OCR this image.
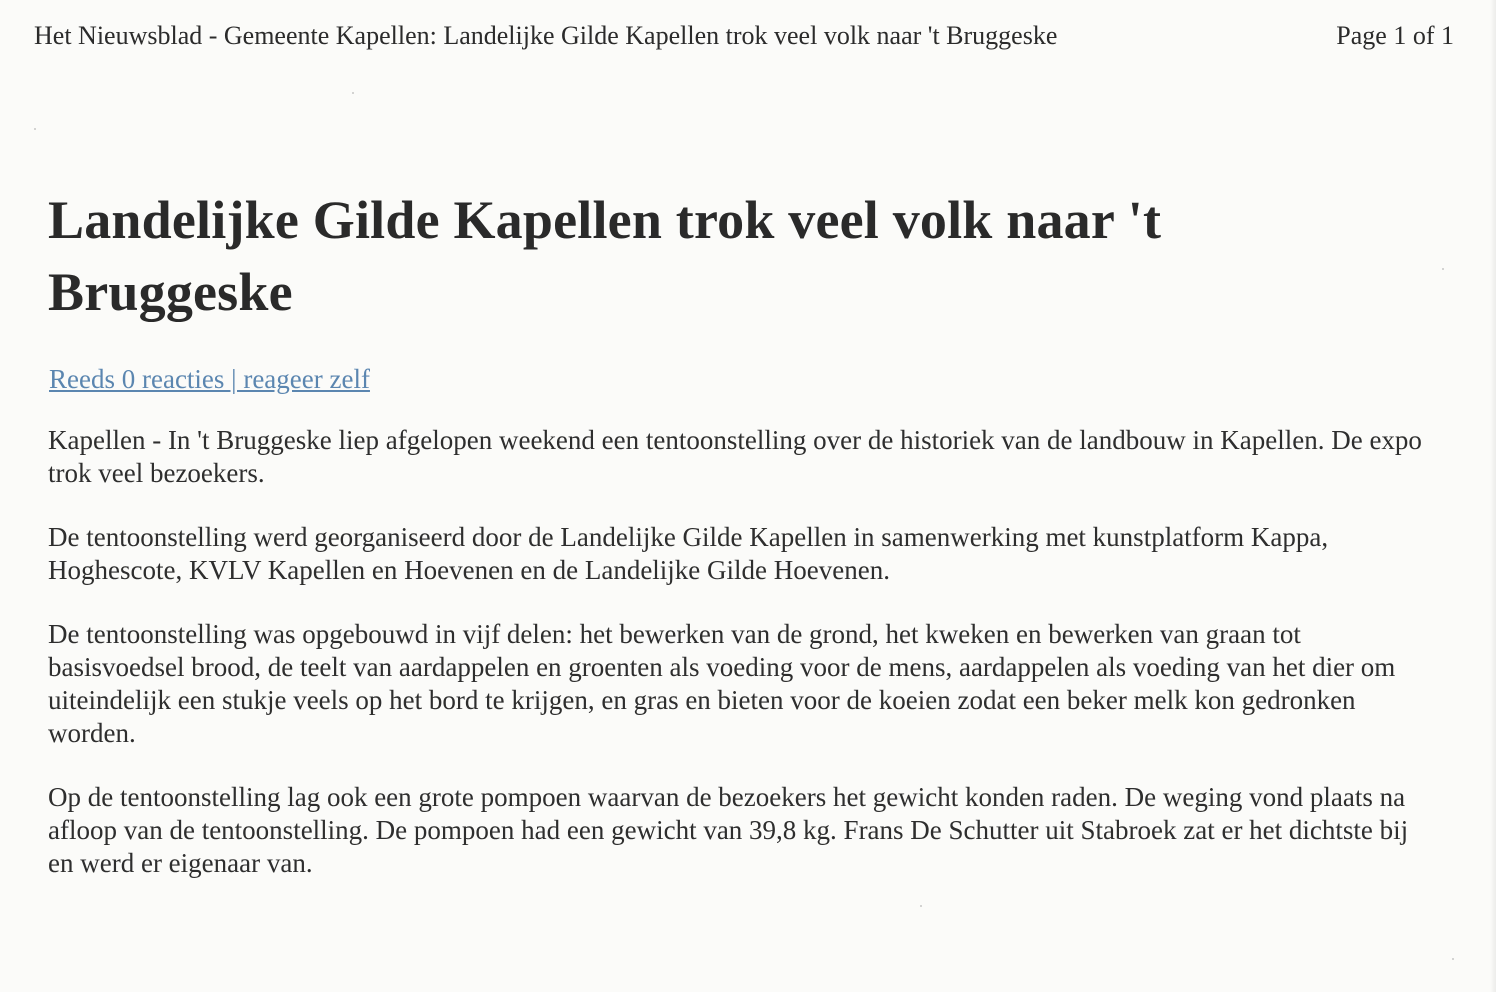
Het Nieuwsblad - Gemeente Kapellen: Landelijke Gilde Kapellen trok veel volk naar 't Bruggeske	Page 1 of 1
Landelijke Gilde Kapellen trok veel volk naar 't Bruggeske
Reeds 0 reacties | reageer zelf

Kapellen - In 't Bruggeske liep afgelopen weekend een tentoonstelling over de historiek van de landbouw in Kapellen. De expo trok veel bezoekers.

De tentoonstelling werd georganiseerd door de Landelijke Gilde Kapellen in samenwerking met kunstplatform Kappa, Hoghescote, KVLV Kapellen en Hoevenen en de Landelijke Gilde Hoevenen.

De tentoonstelling was opgebouwd in vijf delen: het bewerken van de grond, het kweken en bewerken van graan tot basisvoedsel brood, de teelt van aardappelen en groenten als voeding voor de mens, aardappelen als voeding van het dier om uiteindelijk een stukje veels op het bord te krijgen, en gras en bieten voor de koeien zodat een beker melk kon gedronken worden.

Op de tentoonstelling lag ook een grote pompoen waarvan de bezoekers het gewicht konden raden. De weging vond plaats na afloop van de tentoonstelling. De pompoen had een gewicht van 39,8 kg. Frans De Schutter uit Stabroek zat er het dichtste bij en werd er eigenaar van.
